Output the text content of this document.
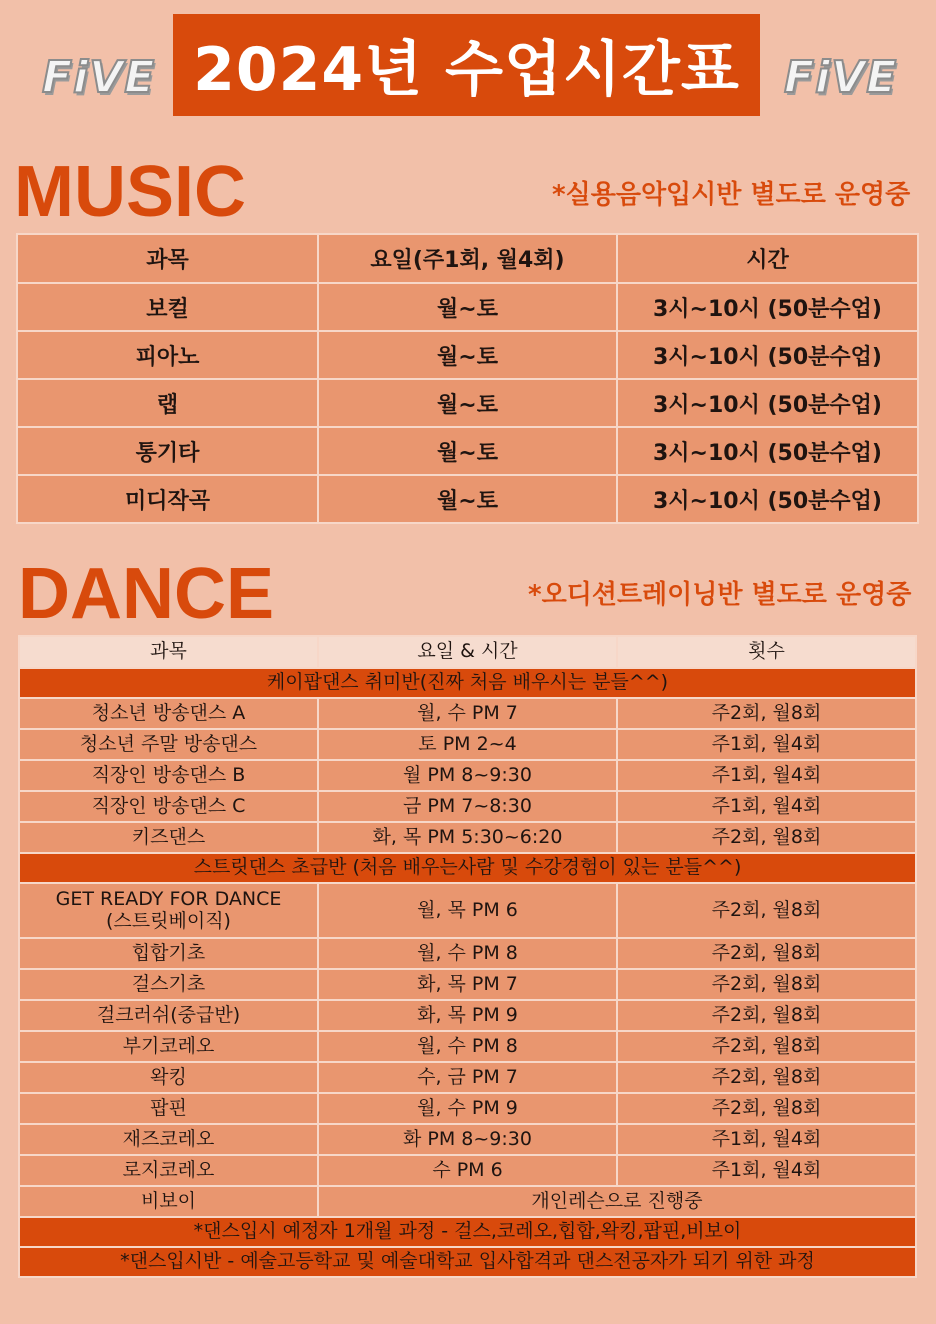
FiVE 2024년 수업시간표 FiVE
MUSIC	*실용음악입시반 별도로 운영중
과목	요일(주1회, 월4회)	시간
보컬	월~토	3시~10시 (50분수업)
피아노	월~토	3시~10시 (50분수업)
랩	월~토	3시~10시 (50분수업)
통기타	월~토	3시~10시 (50분수업)
미디작곡	월~토	3시~10시 (50분수업)
DANCE	*오디션트레이닝반 별도로 운영중
과목	요일 & 시간	횟수
케이팝댄스 취미반(진짜 처음 배우시는 분들^^)		
청소년 방송댄스 A	월, 수 PM 7	주2회, 월8회
청소년 주말 방송댄스	토 PM 2~4	주1회, 월4회
직장인 방송댄스 B	월 PM 8~9:30	주1회, 월4회
직장인 방송댄스 C	금 PM 7~8:30	주1회, 월4회
키즈댄스	화, 목 PM 5:30~6:20	주2회, 월8회
스트릿댄스 초급반 (처음 배우는사람 및 수강경험이 있는 분들^^)		

GET READY FOR DANCE
(스트릿베이직)	월, 목 PM 6	주2회, 월8회
힙합기초	월, 수 PM 8	주2회, 월8회
걸스기초	화, 목 PM 7	주2회, 월8회
걸크러쉬(중급반)	화, 목 PM 9	주2회, 월8회
부기코레오	월, 수 PM 8	주2회, 월8회
왁킹	수, 금 PM 7	주2회, 월8회
팝핀	월, 수 PM 9	주2회, 월8회
재즈코레오	화 PM 8~9:30	주1회, 월4회
로지코레오	수 PM 6	주1회, 월4회
비보이	개인레슨으로 진행중	
*댄스입시 예정자 1개월 과정 - 걸스,코레오,힙합,왁킹,팝핀,비보이		
*댄스입시반 - 예술고등학교 및 예술대학교 입사합격과 댄스전공자가 되기 위한 과정		
